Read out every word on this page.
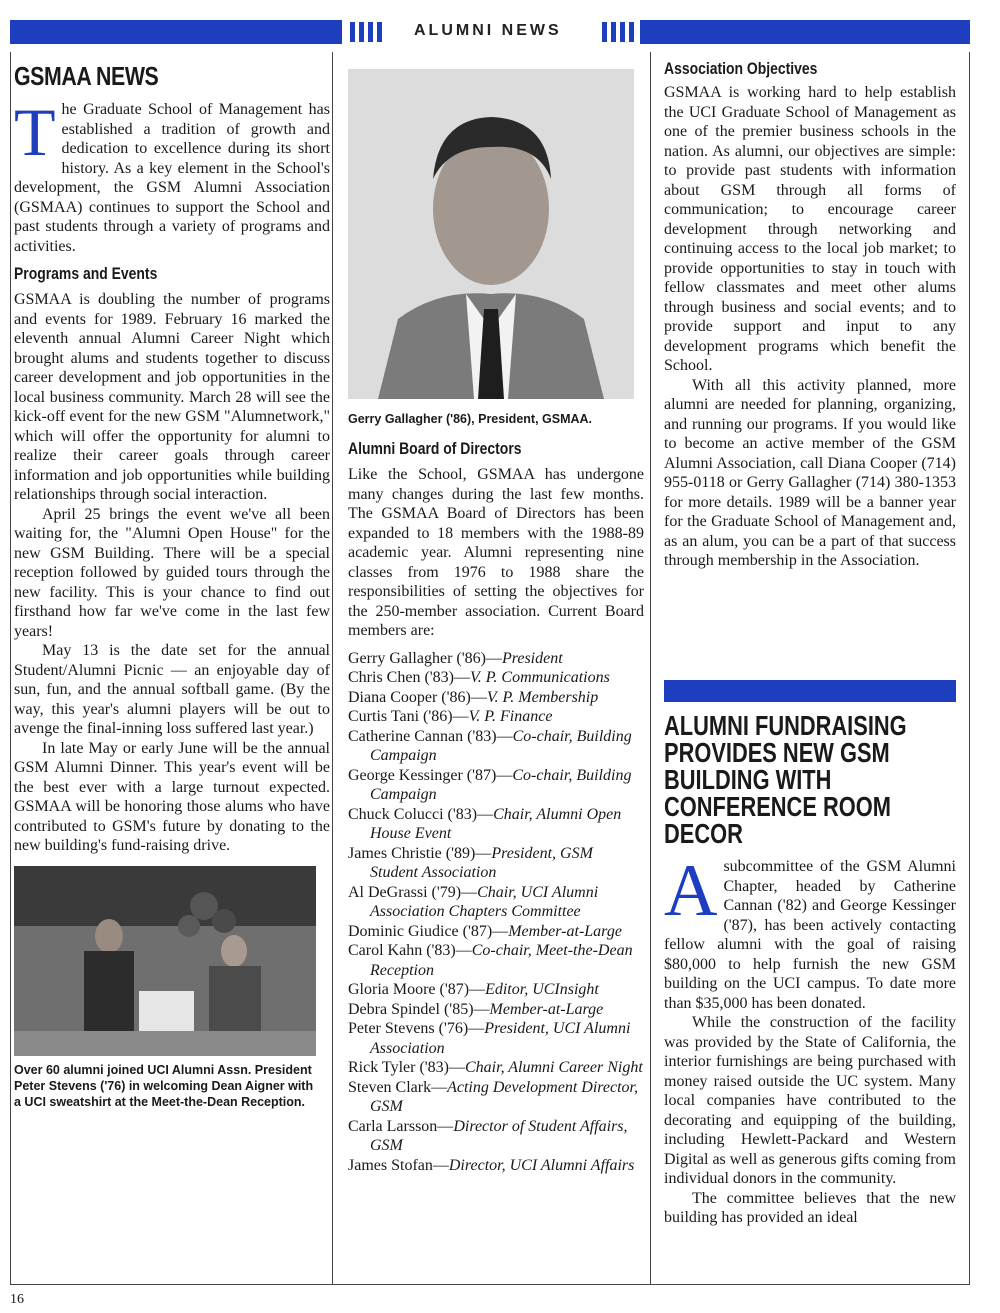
ALUMNI NEWS
GSMAA NEWS

The Graduate School of Management has established a tradition of growth and dedication to excellence during its short history. As a key element in the School's development, the GSM Alumni Association (GSMAA) continues to support the School and past students through a variety of programs and activities.

Programs and Events

GSMAA is doubling the number of programs and events for 1989. February 16 marked the eleventh annual Alumni Career Night which brought alums and students together to discuss career development and job opportunities in the local business community. March 28 will see the kick-off event for the new GSM "Alumnetwork," which will offer the opportunity for alumni to realize their career goals through career information and job opportunities while building relationships through social interaction.

April 25 brings the event we've all been waiting for, the "Alumni Open House" for the new GSM Building. There will be a special reception followed by guided tours through the new facility. This is your chance to find out firsthand how far we've come in the last few years!

May 13 is the date set for the annual Student/Alumni Picnic — an enjoyable day of sun, fun, and the annual softball game. (By the way, this year's alumni players will be out to avenge the final-inning loss suffered last year.)

In late May or early June will be the annual GSM Alumni Dinner. This year's event will be the best ever with a large turnout expected. GSMAA will be honoring those alums who have contributed to GSM's future by donating to the new building's fund-raising drive.

Over 60 alumni joined UCI Alumni Assn. President Peter Stevens ('76) in welcoming Dean Aigner with a UCI sweatshirt at the Meet-the-Dean Reception.
Gerry Gallagher ('86), President, GSMAA.
Alumni Board of Directors

Like the School, GSMAA has undergone many changes during the last few months. The GSMAA Board of Directors has been expanded to 18 members with the 1988-89 academic year. Alumni representing nine classes from 1976 to 1988 share the responsibilities of setting the objectives for the 250-member association. Current Board members are:

Gerry Gallagher ('86)—President
Chris Chen ('83)—V. P. Communications
Diana Cooper ('86)—V. P. Membership
Curtis Tani ('86)—V. P. Finance
Catherine Cannan ('83)—Co-chair, Building Campaign
George Kessinger ('87)—Co-chair, Building Campaign
Chuck Colucci ('83)—Chair, Alumni Open House Event
James Christie ('89)—President, GSM Student Association
Al DeGrassi ('79)—Chair, UCI Alumni Association Chapters Committee
Dominic Giudice ('87)—Member-at-Large
Carol Kahn ('83)—Co-chair, Meet-the-Dean Reception
Gloria Moore ('87)—Editor, UCInsight
Debra Spindel ('85)—Member-at-Large
Peter Stevens ('76)—President, UCI Alumni Association
Rick Tyler ('83)—Chair, Alumni Career Night
Steven Clark—Acting Development Director, GSM
Carla Larsson—Director of Student Affairs, GSM
James Stofan—Director, UCI Alumni Affairs
Association Objectives

GSMAA is working hard to help establish the UCI Graduate School of Management as one of the premier business schools in the nation. As alumni, our objectives are simple: to provide past students with information about GSM through all forms of communication; to encourage career development through networking and continuing access to the local job market; to provide opportunities to stay in touch with fellow classmates and meet other alums through business and social events; and to provide support and input to any development programs which benefit the School.

With all this activity planned, more alumni are needed for planning, organizing, and running our programs. If you would like to become an active member of the GSM Alumni Association, call Diana Cooper (714) 955-0118 or Gerry Gallagher (714) 380-1353 for more details. 1989 will be a banner year for the Graduate School of Management and, as an alum, you can be a part of that success through membership in the Association.

ALUMNI FUNDRAISING PROVIDES NEW GSM BUILDING WITH CONFERENCE ROOM DECOR

Asubcommittee of the GSM Alumni Chapter, headed by Catherine Cannan ('82) and George Kessinger ('87), has been actively contacting fellow alumni with the goal of raising $80,000 to help furnish the new GSM building on the UCI campus. To date more than $35,000 has been donated.

While the construction of the facility was provided by the State of California, the interior furnishings are being purchased with money raised outside the UC system. Many local companies have contributed to the decorating and equipping of the building, including Hewlett-Packard and Western Digital as well as generous gifts coming from individual donors in the community.

The committee believes that the new building has provided an ideal

16
